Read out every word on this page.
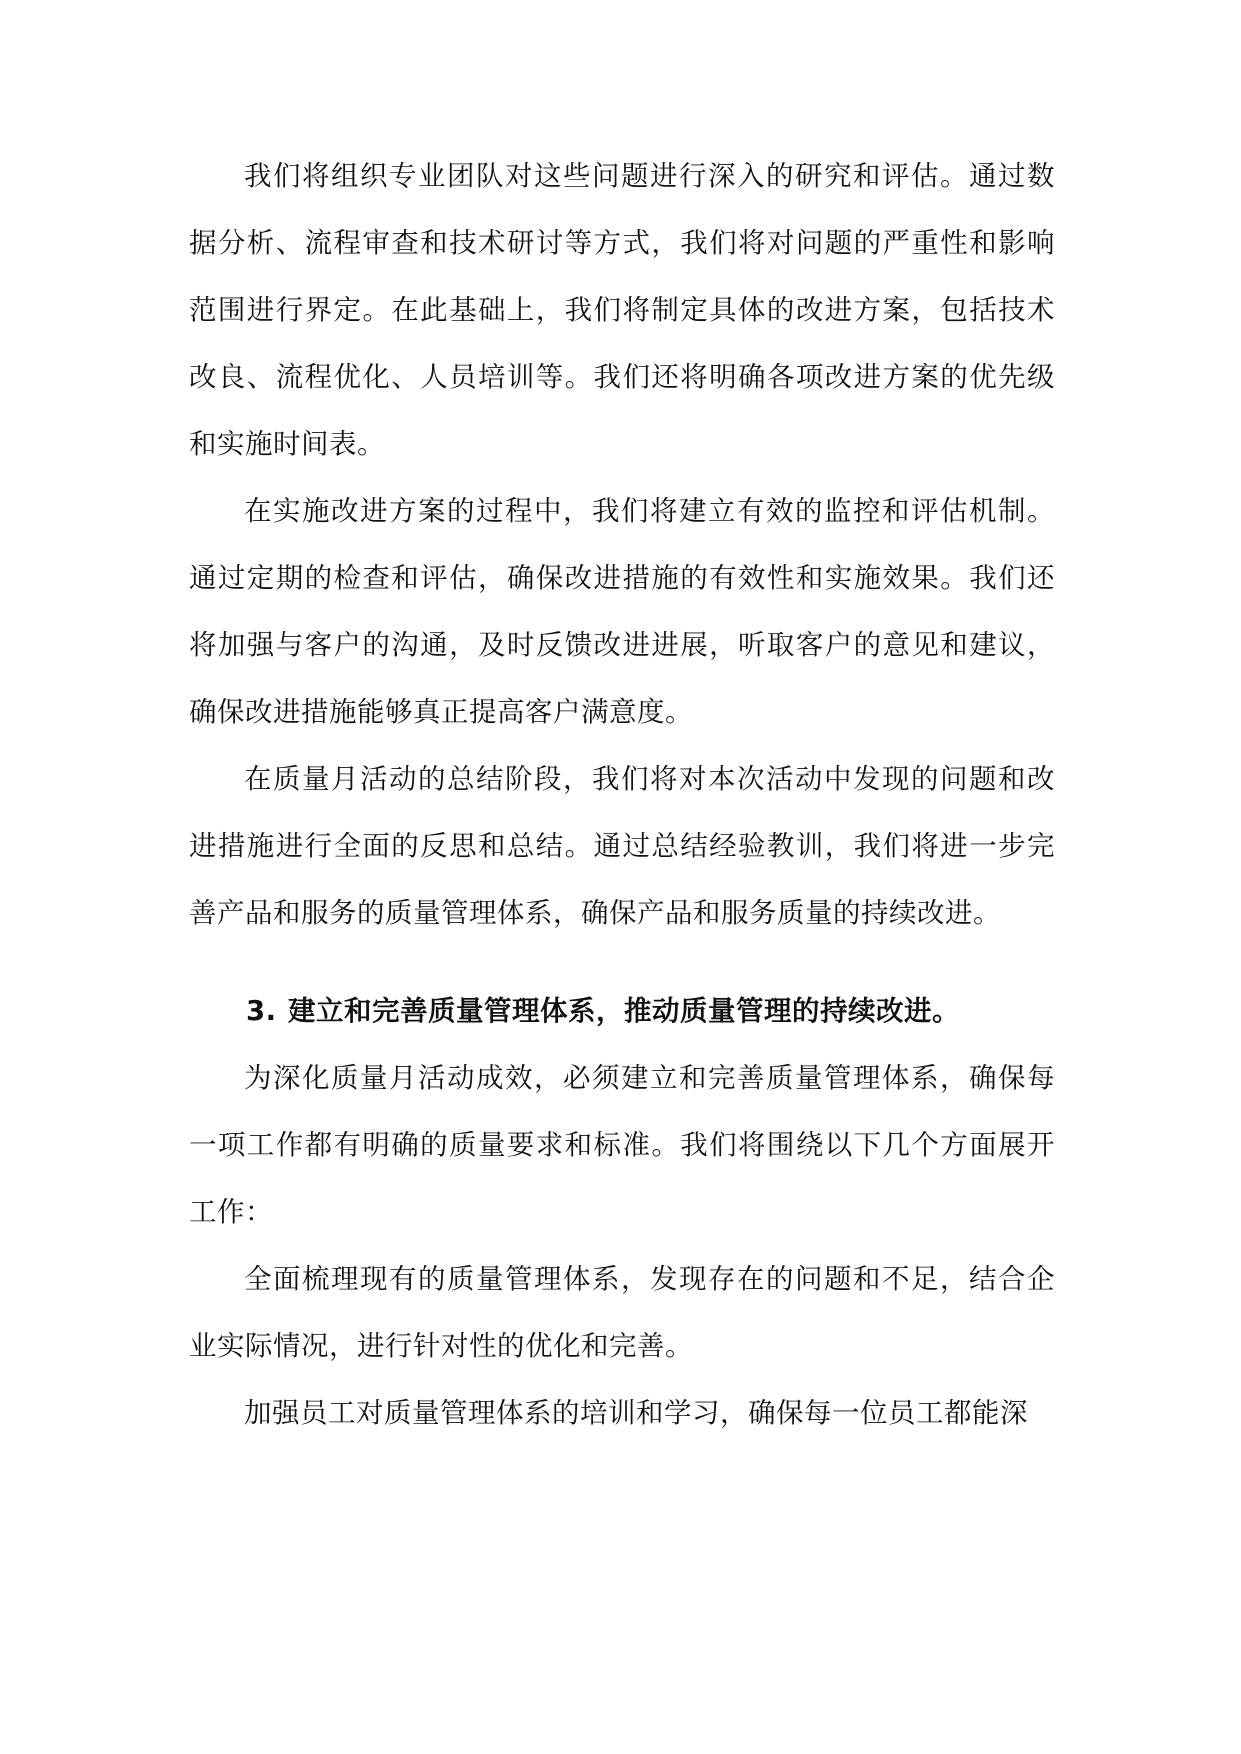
我们将组织专业团队对这些问题进行深入的研究和评估。通过数据分析、流程审查和技术研讨等方式，我们将对问题的严重性和影响范围进行界定。在此基础上，我们将制定具体的改进方案，包括技术改良、流程优化、人员培训等。我们还将明确各项改进方案的优先级和实施时间表。

在实施改进方案的过程中，我们将建立有效的监控和评估机制。通过定期的检查和评估，确保改进措施的有效性和实施效果。我们还将加强与客户的沟通，及时反馈改进进展，听取客户的意见和建议，确保改进措施能够真正提高客户满意度。

在质量月活动的总结阶段，我们将对本次活动中发现的问题和改进措施进行全面的反思和总结。通过总结经验教训，我们将进一步完善产品和服务的质量管理体系，确保产品和服务质量的持续改进。

3. 建立和完善质量管理体系，推动质量管理的持续改进。

为深化质量月活动成效，必须建立和完善质量管理体系，确保每一项工作都有明确的质量要求和标准。我们将围绕以下几个方面展开工作：

全面梳理现有的质量管理体系，发现存在的问题和不足，结合企业实际情况，进行针对性的优化和完善。

加强员工对质量管理体系的培训和学习，确保每一位员工都能深
